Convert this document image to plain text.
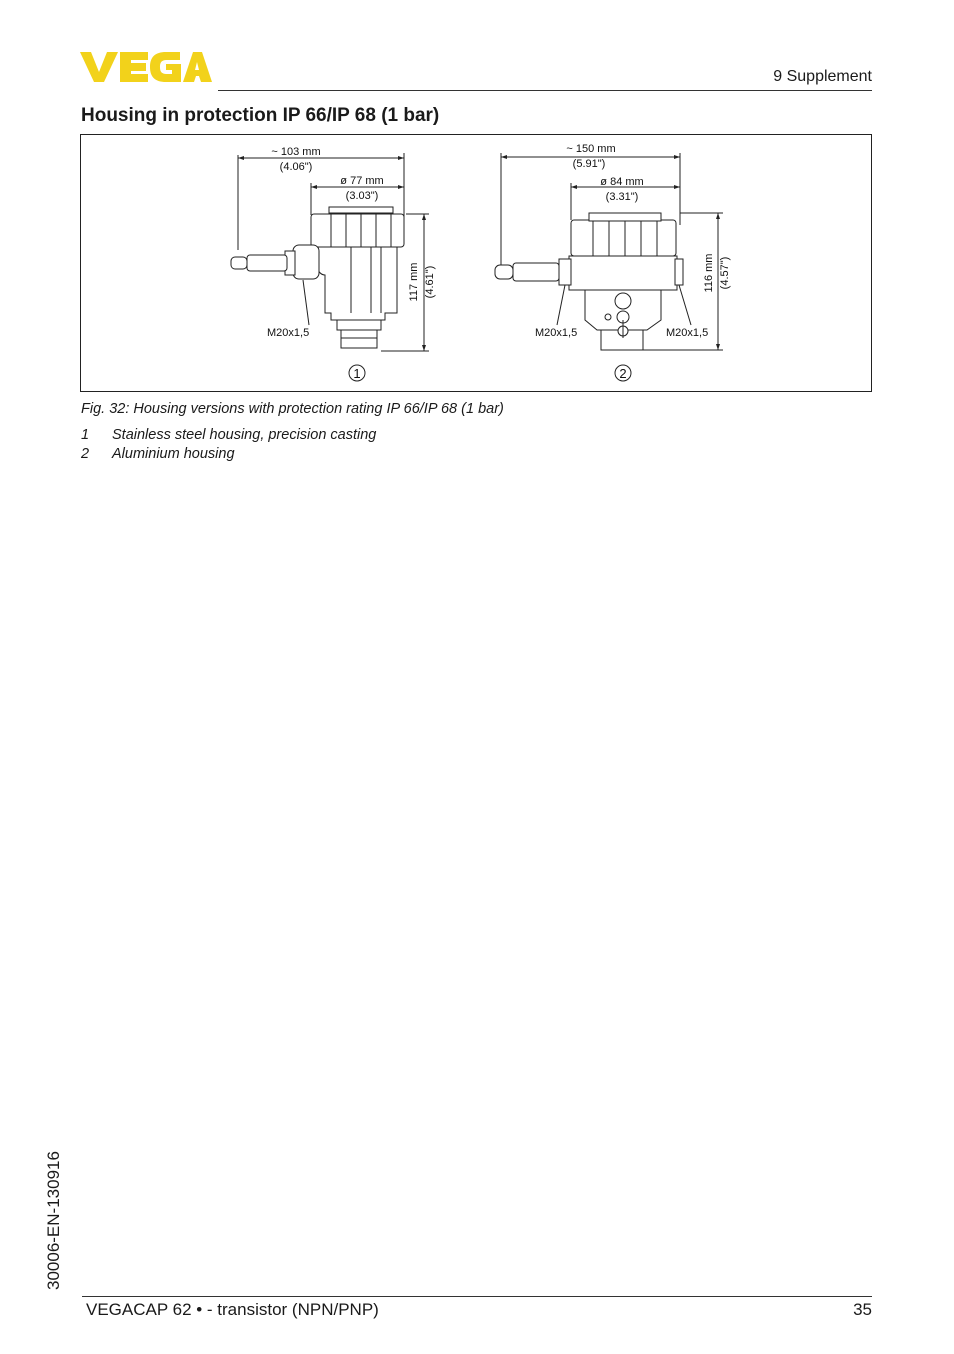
9 Supplement
Housing in protection IP 66/IP 68 (1 bar)
~ 103 mm
(4.06")
ø 77 mm
(3.03")
117 mm (4.61")
M20x1,5
1
~ 150 mm
(5.91")
ø 84 mm
(3.31")
116 mm (4.57")
M20x1,5	M20x1,5
2
Fig. 32: Housing versions with protection rating IP 66/IP 68 (1 bar)
1	Stainless steel housing, precision casting
2	Aluminium housing
30006-EN-130916
VEGACAP 62 • - transistor (NPN/PNP)	35
